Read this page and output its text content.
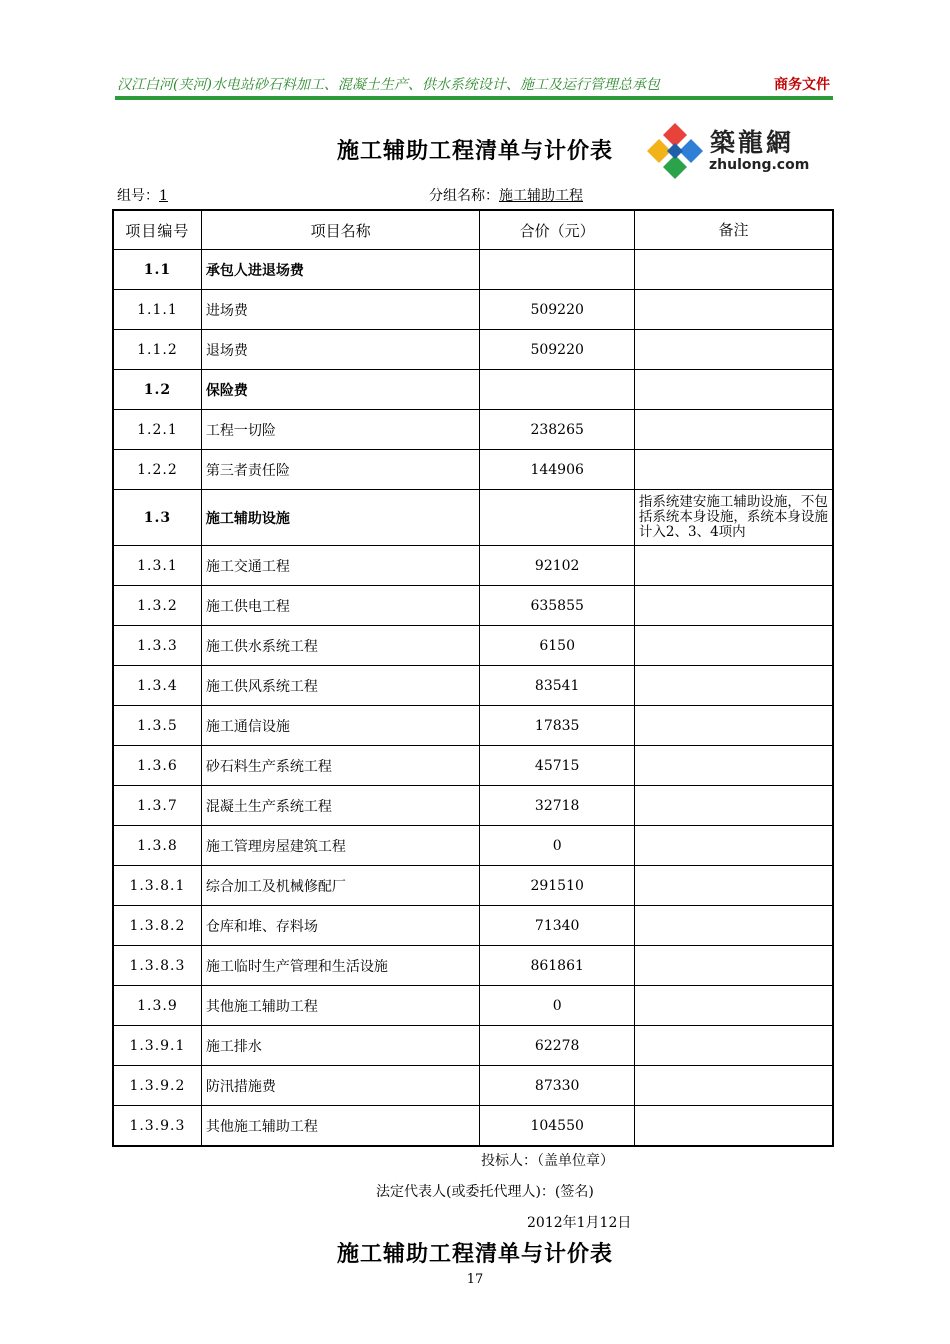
汉江白河(夹河)水电站砂石料加工、混凝土生产、供水系统设计、施工及运行管理总承包	商务文件
施工辅助工程清单与计价表	築龍網
zhulong.com
组号：1	分组名称：施工辅助工程
项目编号	项目名称	合价（元）	备注
1.1	承包人进退场费		
1.1.1	进场费	509220	
1.1.2	退场费	509220	
1.2	保险费		
1.2.1	工程一切险	238265	
1.2.2	第三者责任险	144906	
1.3	施工辅助设施		指系统建安施工辅助设施，不包括系统本身设施，系统本身设施计入2、3、4项内
1.3.1	施工交通工程	92102	
1.3.2	施工供电工程	635855	
1.3.3	施工供水系统工程	6150	
1.3.4	施工供风系统工程	83541	
1.3.5	施工通信设施	17835	
1.3.6	砂石料生产系统工程	45715	
1.3.7	混凝土生产系统工程	32718	
1.3.8	施工管理房屋建筑工程	0	
1.3.8.1	综合加工及机械修配厂	291510	
1.3.8.2	仓库和堆、存料场	71340	
1.3.8.3	施工临时生产管理和生活设施	861861	
1.3.9	其他施工辅助工程	0	
1.3.9.1	施工排水	62278	
1.3.9.2	防汛措施费	87330	
1.3.9.3	其他施工辅助工程	104550	
投标人：（盖单位章）
法定代表人(或委托代理人)：(签名)
2012年1月12日
施工辅助工程清单与计价表
17
